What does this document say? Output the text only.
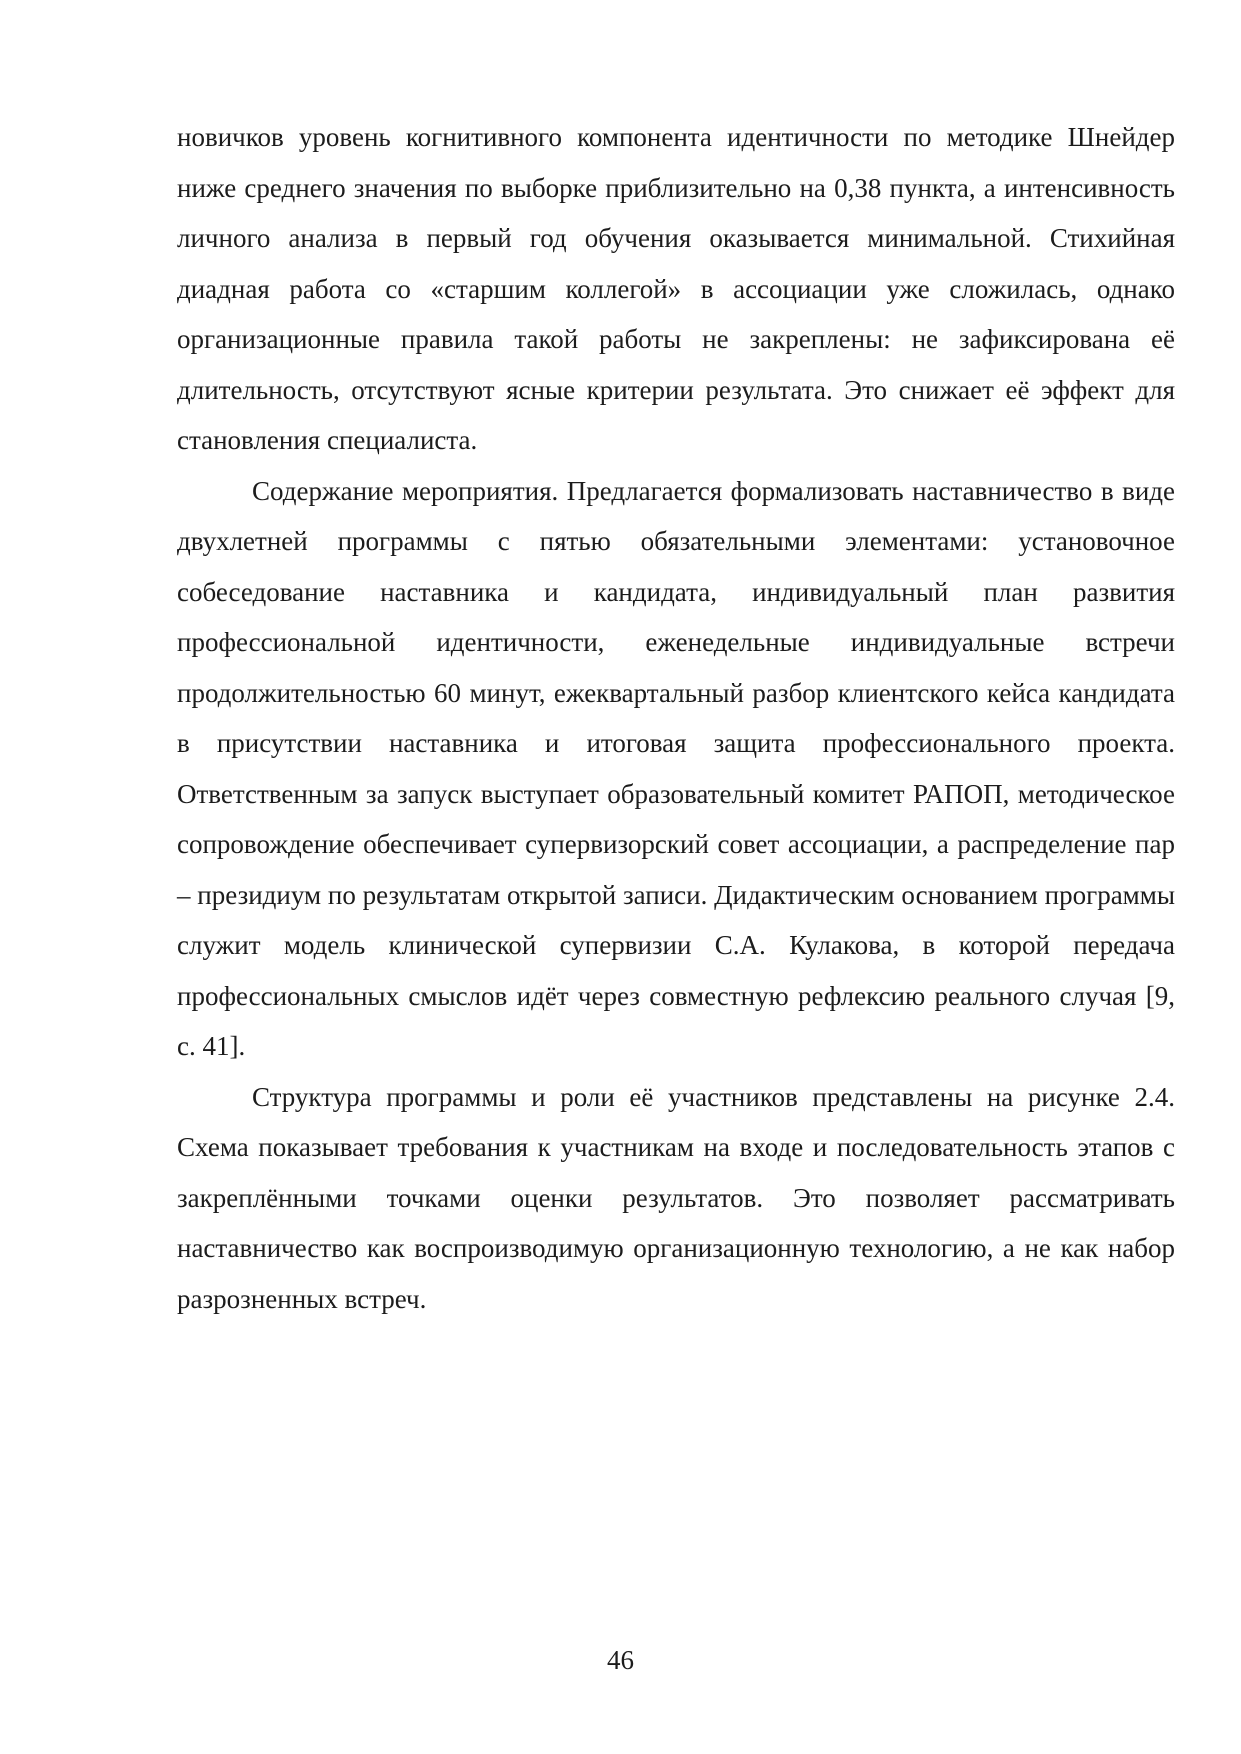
новичков уровень когнитивного компонента идентичности по методике Шнейдер ниже среднего значения по выборке приблизительно на 0,38 пункта, а интенсивность личного анализа в первый год обучения оказывается минимальной. Стихийная диадная работа со «старшим коллегой» в ассоциации уже сложилась, однако организационные правила такой работы не закреплены: не зафиксирована её длительность, отсутствуют ясные критерии результата. Это снижает её эффект для становления специалиста.

Содержание мероприятия. Предлагается формализовать наставничество в виде двухлетней программы с пятью обязательными элементами: установочное собеседование наставника и кандидата, индивидуальный план развития профессиональной идентичности, еженедельные индивидуальные встречи продолжительностью 60 минут, ежеквартальный разбор клиентского кейса кандидата в присутствии наставника и итоговая защита профессионального проекта. Ответственным за запуск выступает образовательный комитет РАПОП, методическое сопровождение обеспечивает супервизорский совет ассоциации, а распределение пар – президиум по результатам открытой записи. Дидактическим основанием программы служит модель клинической супервизии С.А. Кулакова, в которой передача профессиональных смыслов идёт через совместную рефлексию реального случая [9, с. 41].

Структура программы и роли её участников представлены на рисунке 2.4. Схема показывает требования к участникам на входе и последовательность этапов с закреплёнными точками оценки результатов. Это позволяет рассматривать наставничество как воспроизводимую организационную технологию, а не как набор разрозненных встреч.

46
